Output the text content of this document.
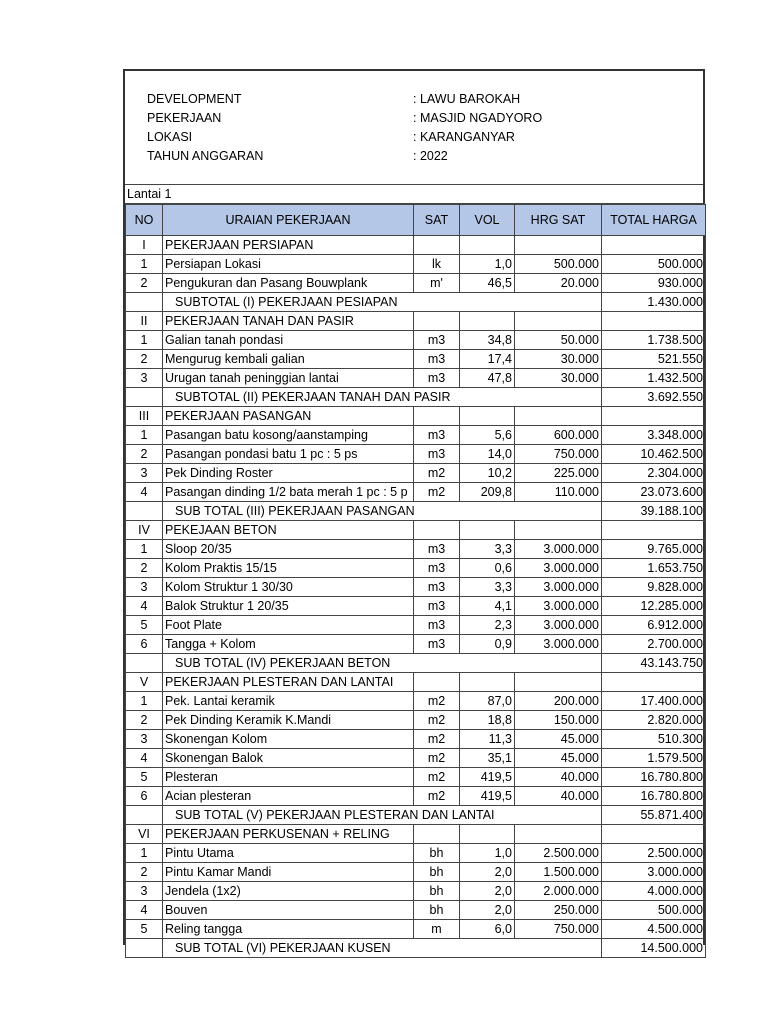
DEVELOPMENT	: LAWU BAROKAH
PEKERJAAN	: MASJID NGADYORO
LOKASI	: KARANGANYAR
TAHUN ANGGARAN	: 2022
Lantai 1
NO	URAIAN PEKERJAAN	SAT	VOL	HRG SAT	TOTAL HARGA
I	PEKERJAAN PERSIAPAN				
1	Persiapan Lokasi	lk	1,0	500.000	500.000
2	Pengukuran dan Pasang Bouwplank	m'	46,5	20.000	930.000
	SUBTOTAL (I) PEKERJAAN PESIAPAN				1.430.000
II	PEKERJAAN TANAH DAN PASIR				
1	Galian tanah pondasi	m3	34,8	50.000	1.738.500
2	Mengurug kembali galian	m3	17,4	30.000	521.550
3	Urugan tanah peninggian lantai	m3	47,8	30.000	1.432.500
	SUBTOTAL (II) PEKERJAAN TANAH DAN PASIR				3.692.550
III	PEKERJAAN PASANGAN				
1	Pasangan batu kosong/aanstamping	m3	5,6	600.000	3.348.000
2	Pasangan pondasi batu 1 pc : 5 ps	m3	14,0	750.000	10.462.500
3	Pek Dinding Roster	m2	10,2	225.000	2.304.000
4	Pasangan dinding 1/2 bata merah 1 pc : 5 p	m2	209,8	110.000	23.073.600
	SUB TOTAL (III) PEKERJAAN PASANGAN				39.188.100
IV	PEKEJAAN BETON				
1	Sloop 20/35	m3	3,3	3.000.000	9.765.000
2	Kolom Praktis 15/15	m3	0,6	3.000.000	1.653.750
3	Kolom Struktur 1 30/30	m3	3,3	3.000.000	9.828.000
4	Balok Struktur 1 20/35	m3	4,1	3.000.000	12.285.000
5	Foot Plate	m3	2,3	3.000.000	6.912.000
6	Tangga + Kolom	m3	0,9	3.000.000	2.700.000
	SUB TOTAL (IV) PEKERJAAN BETON				43.143.750
V	PEKERJAAN PLESTERAN DAN LANTAI				
1	Pek. Lantai keramik	m2	87,0	200.000	17.400.000
2	Pek Dinding Keramik K.Mandi	m2	18,8	150.000	2.820.000
3	Skonengan Kolom	m2	11,3	45.000	510.300
4	Skonengan Balok	m2	35,1	45.000	1.579.500
5	Plesteran	m2	419,5	40.000	16.780.800
6	Acian plesteran	m2	419,5	40.000	16.780.800
	SUB TOTAL (V) PEKERJAAN PLESTERAN DAN LANTAI				55.871.400
VI	PEKERJAAN PERKUSENAN + RELING				
1	Pintu Utama	bh	1,0	2.500.000	2.500.000
2	Pintu Kamar Mandi	bh	2,0	1.500.000	3.000.000
3	Jendela (1x2)	bh	2,0	2.000.000	4.000.000
4	Bouven	bh	2,0	250.000	500.000
5	Reling tangga	m	6,0	750.000	4.500.000
	SUB TOTAL (VI) PEKERJAAN KUSEN				14.500.000
